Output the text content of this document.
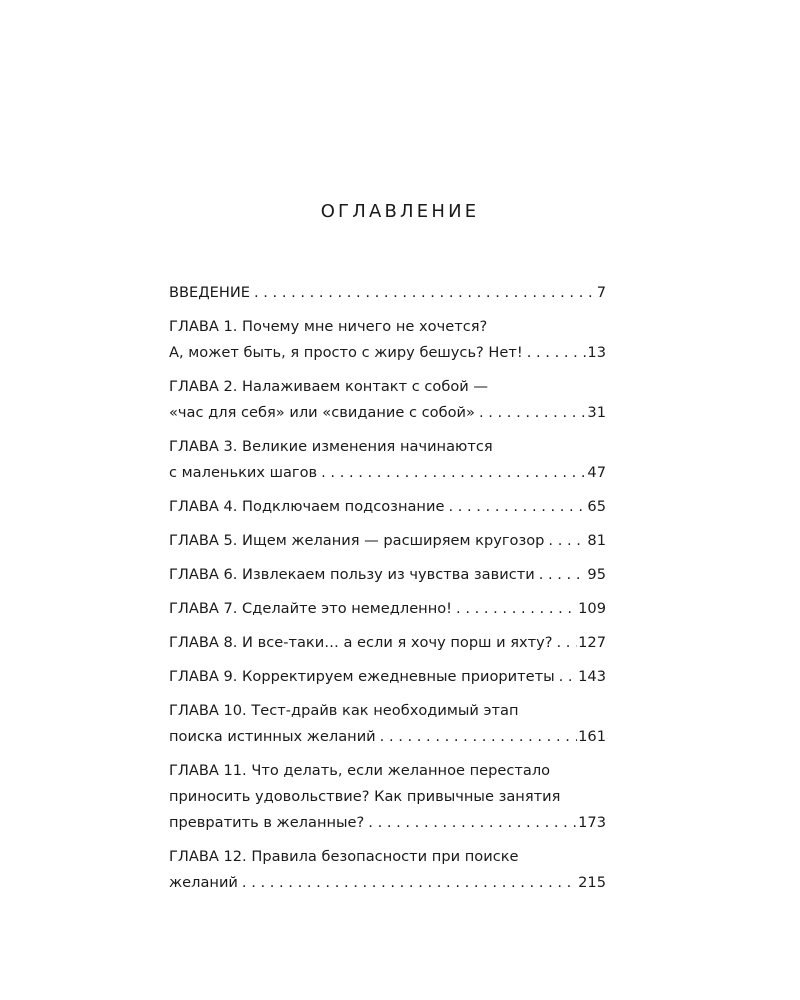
ОГЛАВЛЕНИЕ
ВВЕДЕНИЕ . . .	7
ГЛАВА 1. Почему мне ничего не хочется?
А, может быть, я просто с жиру бешусь? Нет! . . .	13
ГЛАВА 2. Налаживаем контакт с собой —
«час для себя» или «свидание с собой» . . .	31
ГЛАВА 3. Великие изменения начинаются
с маленьких шагов . . .	47
ГЛАВА 4. Подключаем подсознание . . .	65
ГЛАВА 5. Ищем желания — расширяем кругозор . . .	81
ГЛАВА 6. Извлекаем пользу из чувства зависти . . .	95
ГЛАВА 7. Сделайте это немедленно! . . .	109
ГЛАВА 8. И все-таки… а если я хочу порш и яхту? . . . 127
ГЛАВА 9. Корректируем ежедневные приоритеты . . . 143
ГЛАВА 10. Тест-драйв как необходимый этап
поиска истинных желаний . . .	161
ГЛАВА 11. Что делать, если желанное перестало
приносить удовольствие? Как привычные занятия
превратить в желанные? . . .	173
ГЛАВА 12. Правила безопасности при поиске
желаний . . .	215
